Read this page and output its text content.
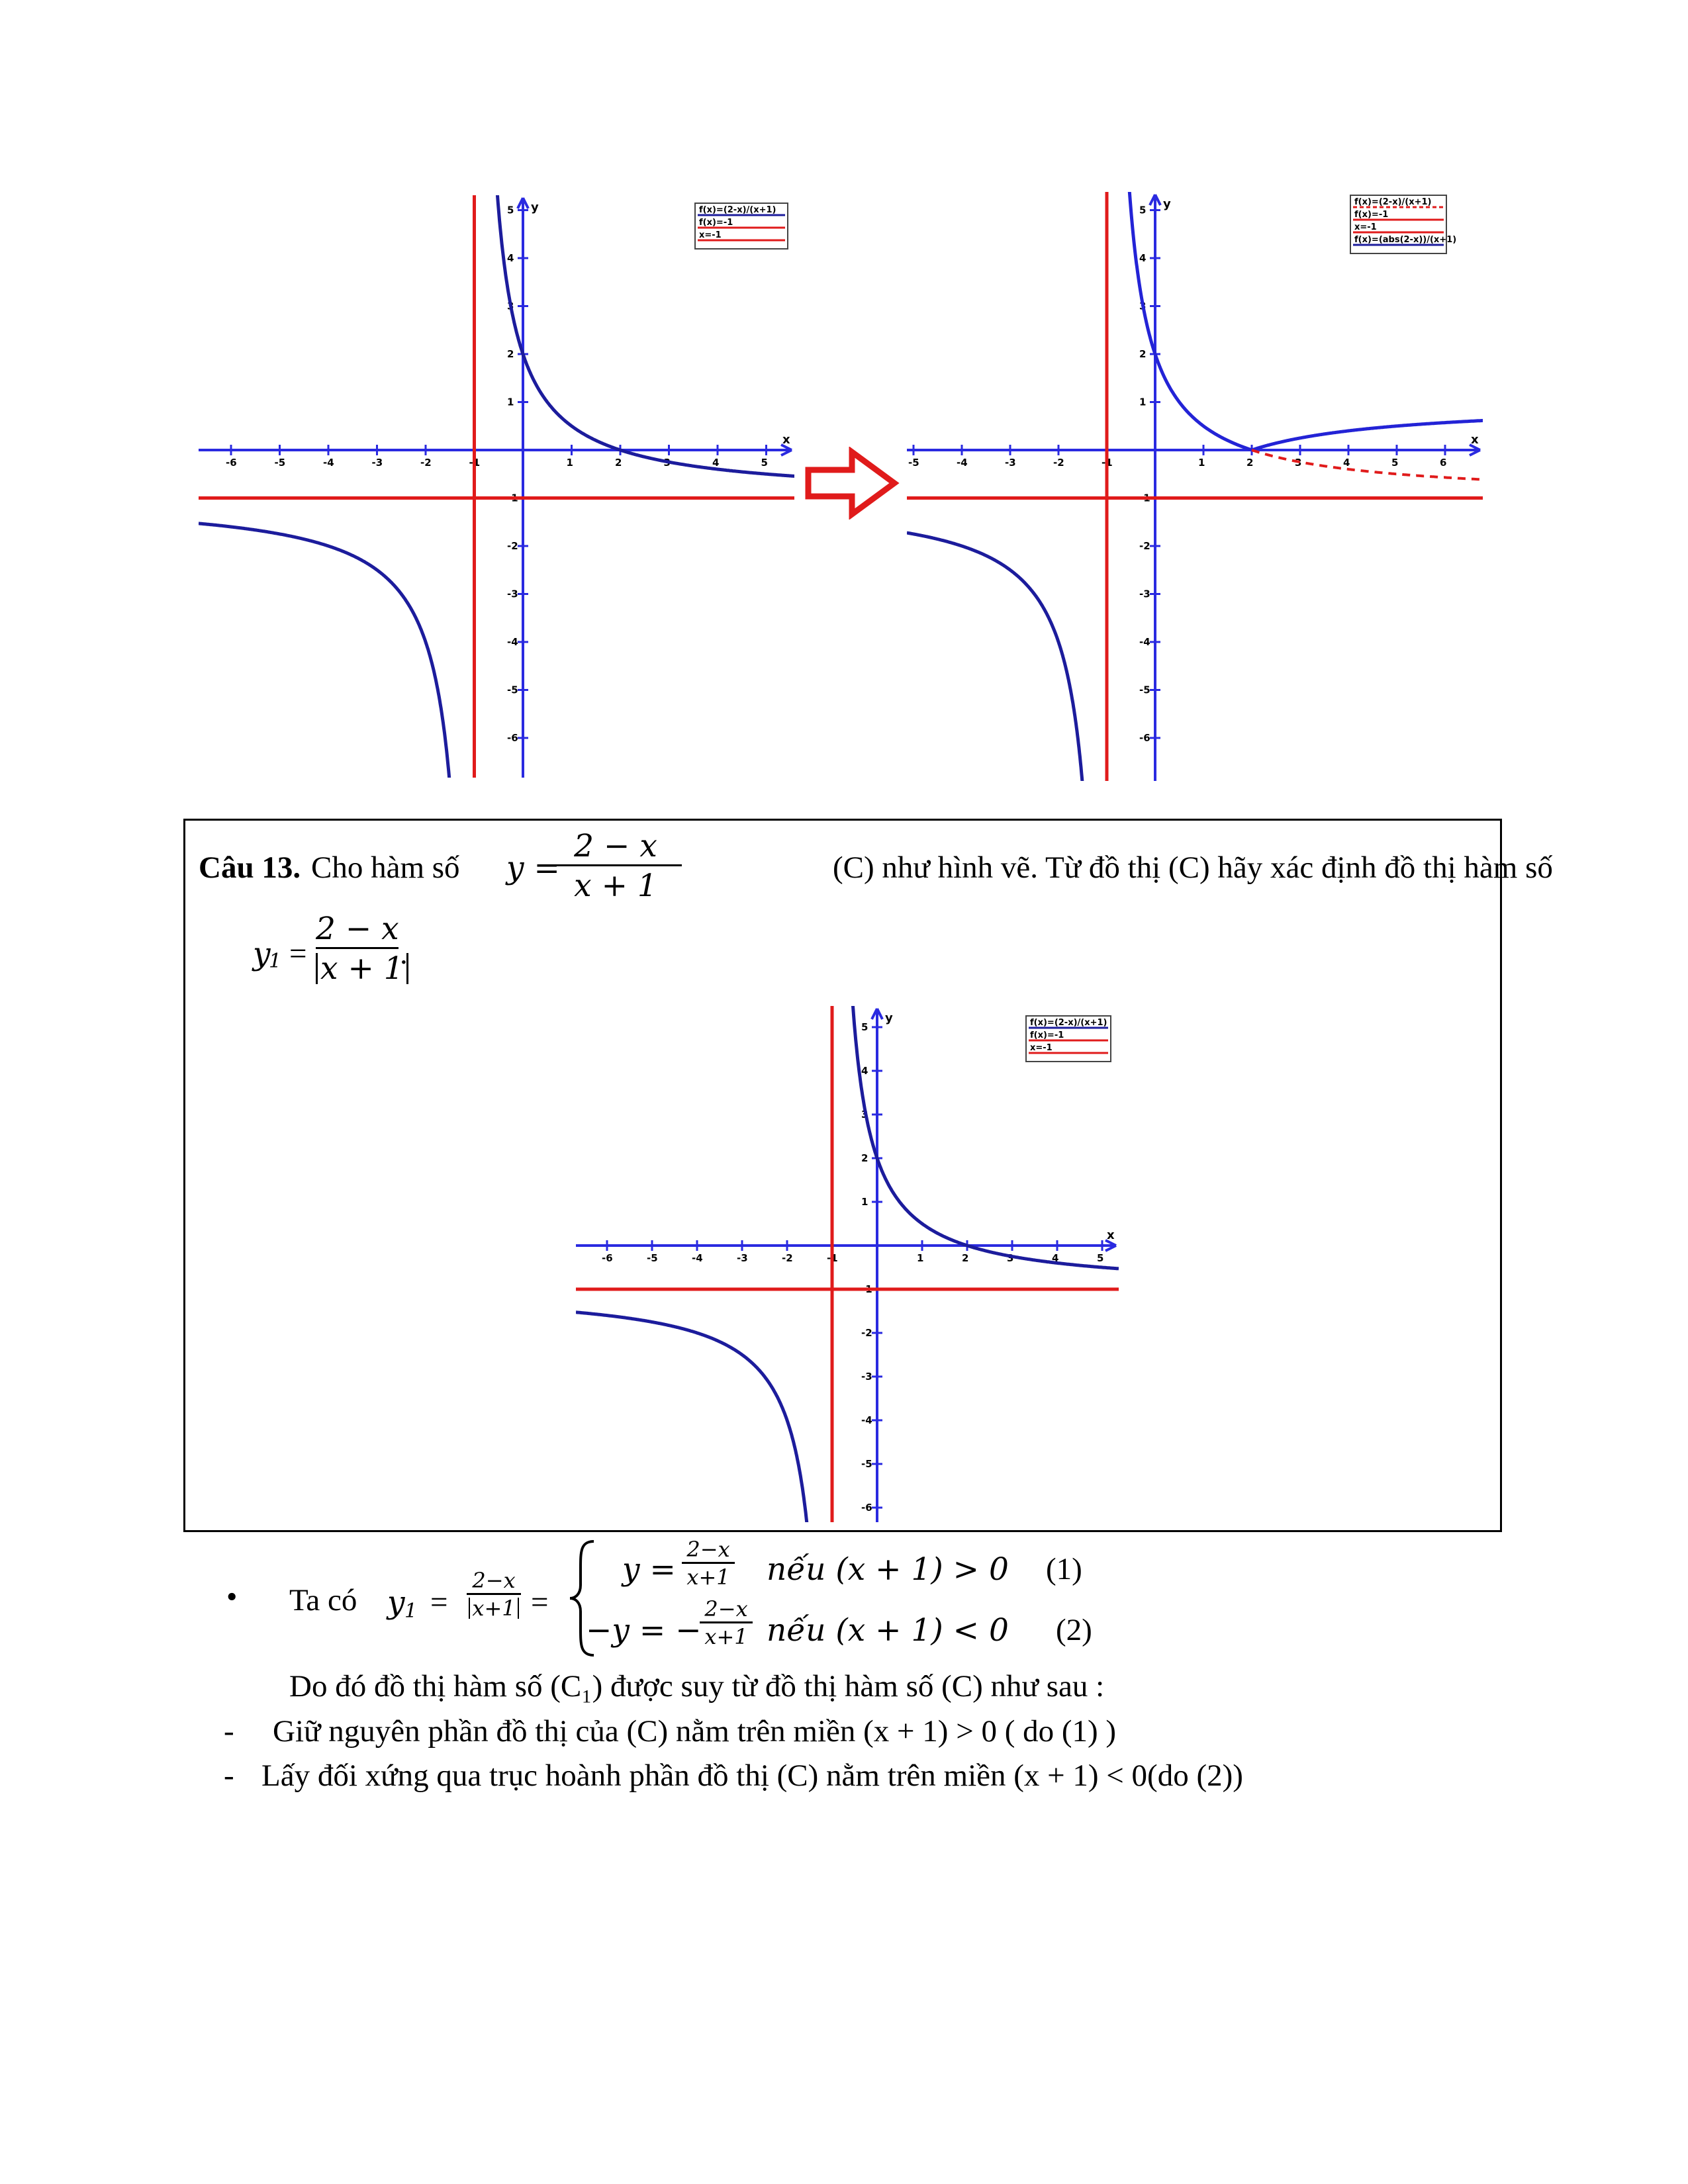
x
y
-6	-5	-4	-3	-2	-1	1	2	3	4	5
-6
-5
-4
-3
-2
-1
1
2
3
4
5	f(x)=(2-x)/(x+1)
f(x)=-1
x=-1
x
y
-5	-4	-3	-2	-1	1	2	3	4	5	6
-6
-5
-4
-3
-2
-1
1
2
3
4
5
f(x)=(2-x)/(x+1)
f(x)=-1
x=-1
f(x)=(abs(2-x))/(x+1)
Câu 13. Cho hàm số y =
$\frac{2 - x}{x + 1}$	(C) như hình vẽ. Từ đồ thị (C) hãy xác định đồ thị hàm số
y
$1 = \frac{2 - x}{x + 1}$ .
x
y
-6	-5	-4	-3	-2	-1	1	2	3	4	5
-6
-5
-4
-3
-2
-1
1
2
3
4
5	f(x)=(2-x)/(x+1)
f(x)=-1
x=-1
• Ta có y $1 = \frac{2-x}{x+1}$ =
$y = \frac{2-x}{x+1}$ nếu (x + 1) > 0 (1)
−y = −
$\frac{2-x}{x+1}$ nếu (x + 1) < 0 (2)
Do đó đồ thị hàm số (C₁) được suy từ đồ thị hàm số (C) như sau :
- Giữ nguyên phần đồ thị của (C) nằm trên miền (x + 1) > 0 ( do (1) )
- Lấy đối xứng qua trục hoành phần đồ thị (C) nằm trên miền (x + 1) < 0(do (2))
